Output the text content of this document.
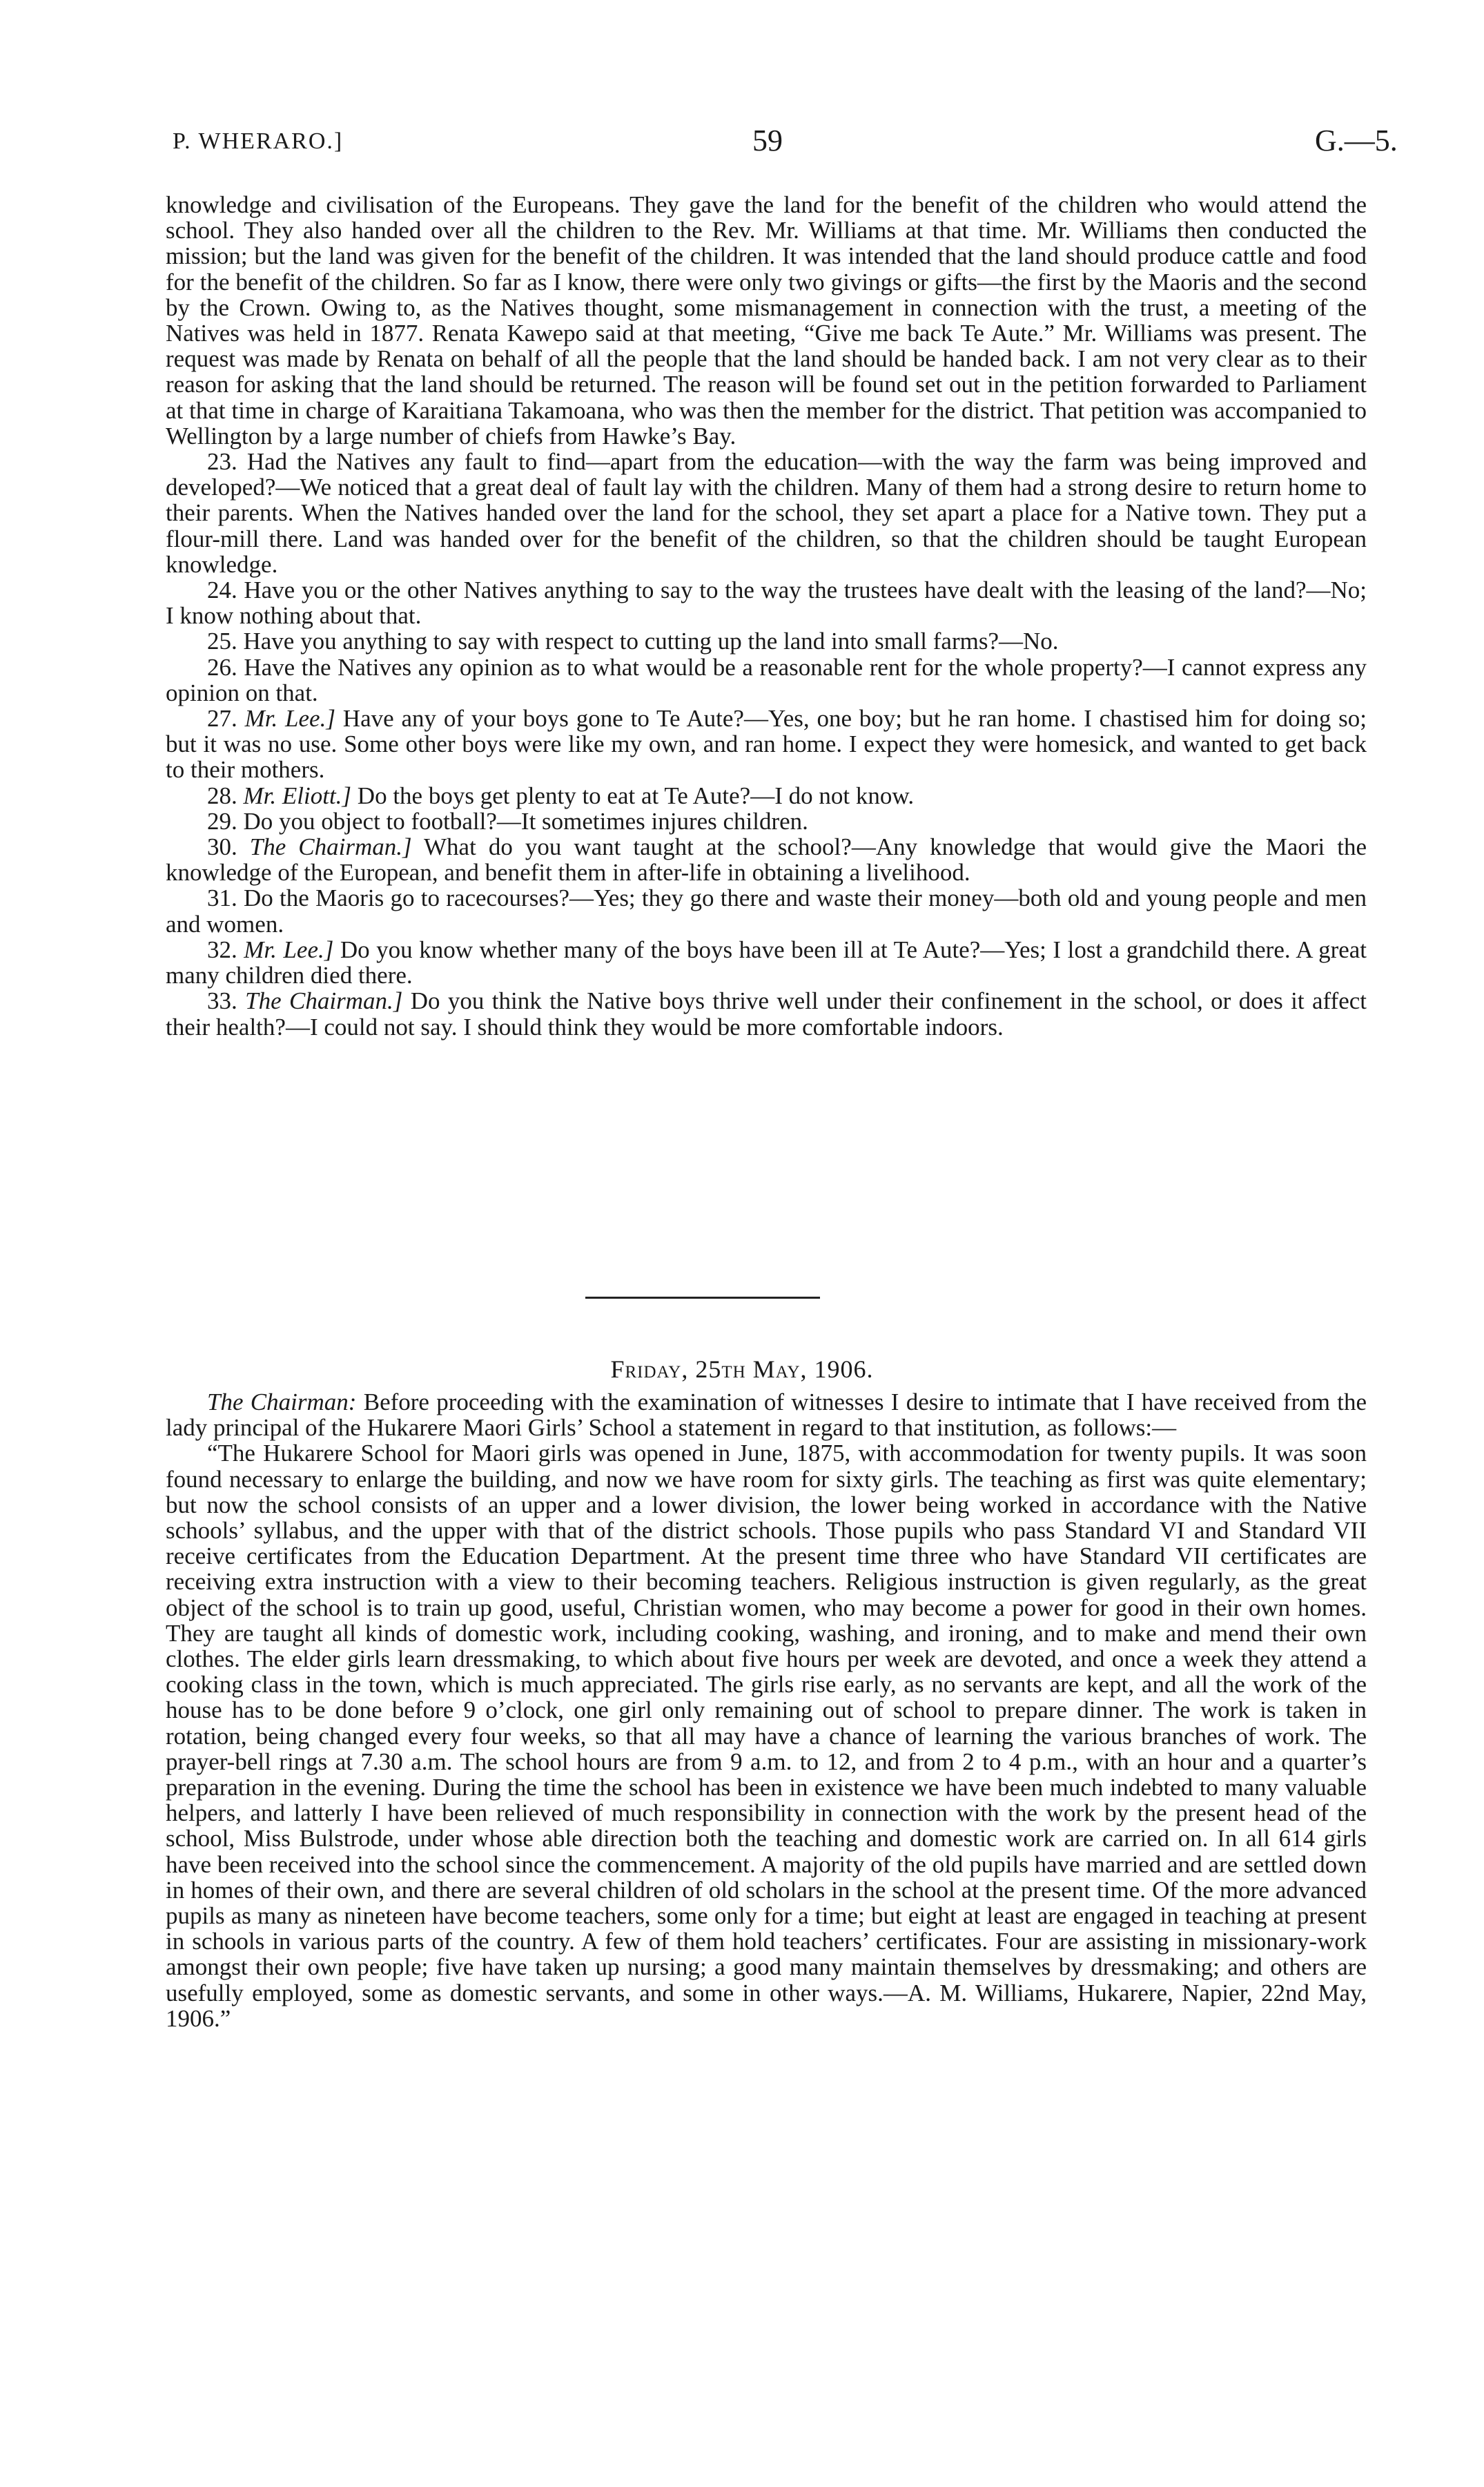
P. WHERARO.]	59	G.—5.

knowledge and civilisation of the Europeans. They gave the land for the benefit of the children who would attend the school. They also handed over all the children to the Rev. Mr. Williams at that time. Mr. Williams then conducted the mission; but the land was given for the benefit of the children. It was intended that the land should produce cattle and food for the benefit of the children. So far as I know, there were only two givings or gifts—the first by the Maoris and the second by the Crown. Owing to, as the Natives thought, some mismanagement in connection with the trust, a meeting of the Natives was held in 1877. Renata Kawepo said at that meeting, “Give me back Te Aute.” Mr. Williams was present. The request was made by Renata on behalf of all the people that the land should be handed back. I am not very clear as to their reason for asking that the land should be returned. The reason will be found set out in the petition forwarded to Parliament at that time in charge of Karaitiana Takamoana, who was then the member for the district. That petition was accompanied to Wellington by a large number of chiefs from Hawke’s Bay.

23. Had the Natives any fault to find—apart from the education—with the way the farm was being improved and developed?—We noticed that a great deal of fault lay with the children. Many of them had a strong desire to return home to their parents. When the Natives handed over the land for the school, they set apart a place for a Native town. They put a flour-mill there. Land was handed over for the benefit of the children, so that the children should be taught European knowledge.

24. Have you or the other Natives anything to say to the way the trustees have dealt with the leasing of the land?—No; I know nothing about that.

25. Have you anything to say with respect to cutting up the land into small farms?—No.

26. Have the Natives any opinion as to what would be a reasonable rent for the whole property?—I cannot express any opinion on that.

27. Mr. Lee.] Have any of your boys gone to Te Aute?—Yes, one boy; but he ran home. I chastised him for doing so; but it was no use. Some other boys were like my own, and ran home. I expect they were homesick, and wanted to get back to their mothers.

28. Mr. Eliott.] Do the boys get plenty to eat at Te Aute?—I do not know.

29. Do you object to football?—It sometimes injures children.

30. The Chairman.] What do you want taught at the school?—Any knowledge that would give the Maori the knowledge of the European, and benefit them in after-life in obtaining a livelihood.

31. Do the Maoris go to racecourses?—Yes; they go there and waste their money—both old and young people and men and women.

32. Mr. Lee.] Do you know whether many of the boys have been ill at Te Aute?—Yes; I lost a grandchild there. A great many children died there.

33. The Chairman.] Do you think the Native boys thrive well under their confinement in the school, or does it affect their health?—I could not say. I should think they would be more comfortable indoors.

Friday, 25th May, 1906.

The Chairman: Before proceeding with the examination of witnesses I desire to intimate that I have received from the lady principal of the Hukarere Maori Girls’ School a statement in regard to that institution, as follows:—

“The Hukarere School for Maori girls was opened in June, 1875, with accommodation for twenty pupils. It was soon found necessary to enlarge the building, and now we have room for sixty girls. The teaching as first was quite elementary; but now the school consists of an upper and a lower division, the lower being worked in accordance with the Native schools’ syllabus, and the upper with that of the district schools. Those pupils who pass Standard VI and Standard VII receive certificates from the Education Department. At the present time three who have Standard VII certificates are receiving extra instruction with a view to their becoming teachers. Religious instruction is given regularly, as the great object of the school is to train up good, useful, Christian women, who may become a power for good in their own homes. They are taught all kinds of domestic work, including cooking, washing, and ironing, and to make and mend their own clothes. The elder girls learn dressmaking, to which about five hours per week are devoted, and once a week they attend a cooking class in the town, which is much appreciated. The girls rise early, as no servants are kept, and all the work of the house has to be done before 9 o’clock, one girl only remaining out of school to prepare dinner. The work is taken in rotation, being changed every four weeks, so that all may have a chance of learning the various branches of work. The prayer-bell rings at 7.30 a.m. The school hours are from 9 a.m. to 12, and from 2 to 4 p.m., with an hour and a quarter’s preparation in the evening. During the time the school has been in existence we have been much indebted to many valuable helpers, and latterly I have been relieved of much responsibility in connection with the work by the present head of the school, Miss Bulstrode, under whose able direction both the teaching and domestic work are carried on. In all 614 girls have been received into the school since the commencement. A majority of the old pupils have married and are settled down in homes of their own, and there are several children of old scholars in the school at the present time. Of the more advanced pupils as many as nineteen have become teachers, some only for a time; but eight at least are engaged in teaching at present in schools in various parts of the country. A few of them hold teachers’ certificates. Four are assisting in missionary-work amongst their own people; five have taken up nursing; a good many maintain themselves by dressmaking; and others are usefully employed, some as domestic servants, and some in other ways.—A. M. Williams, Hukarere, Napier, 22nd May, 1906.”
